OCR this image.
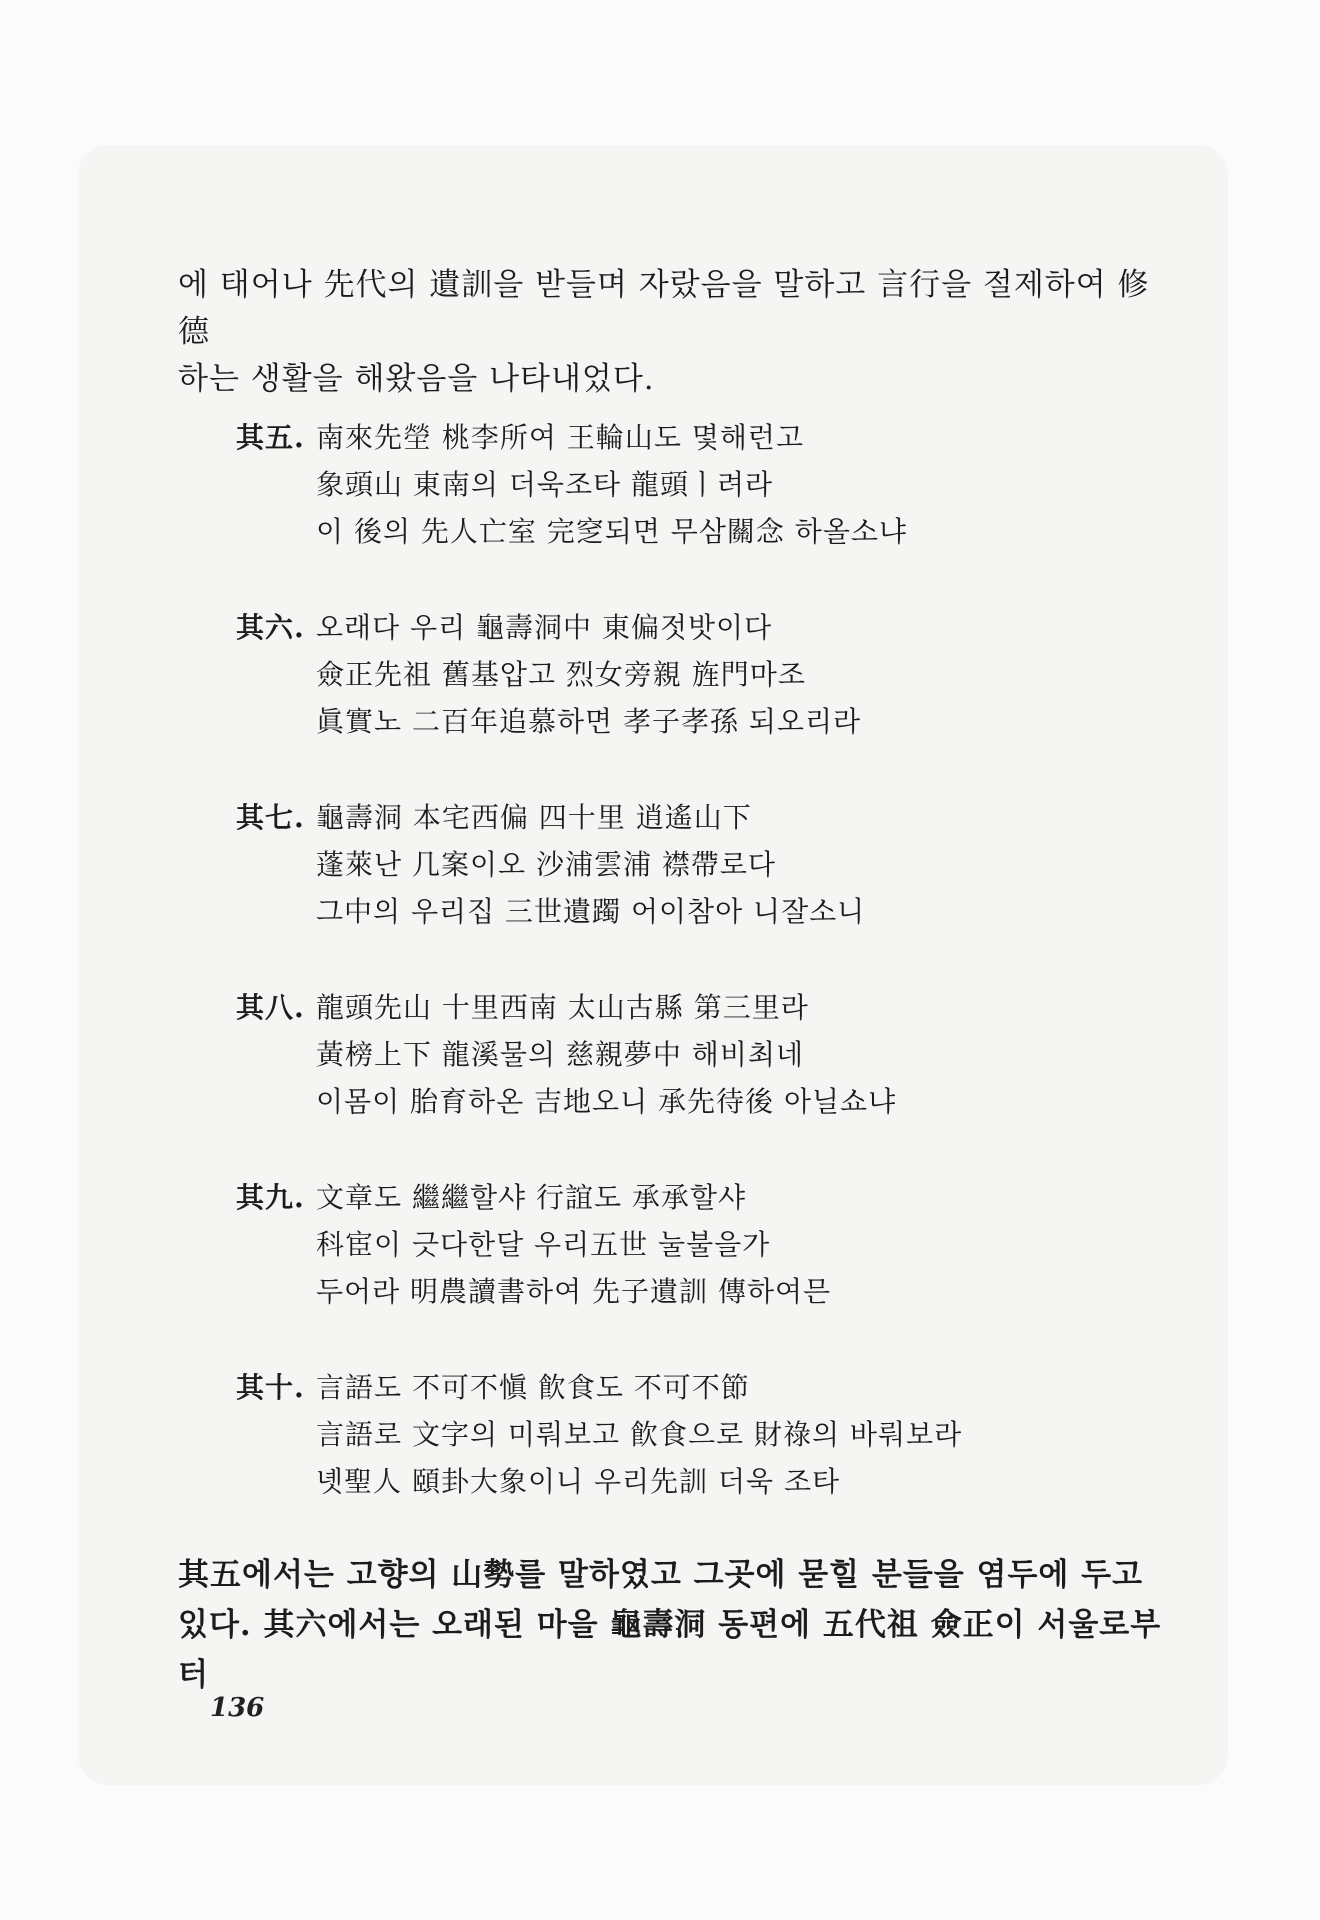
에 태어나 先代의 遺訓을 받들며 자랐음을 말하고 言行을 절제하여 修德

하는 생활을 해왔음을 나타내었다.

其五. 南來先塋 桃李所여 王輪山도 몇해런고
象頭山 東南의 더욱조타 龍頭ㅣ려라
이 後의 先人亡室 完窆되면 무삼關念 하올소냐
其六. 오래다 우리 龜壽洞中 東偏젓밧이다
僉正先祖 舊基압고 烈女旁親 旌門마조
眞實노 二百年追慕하면 孝子孝孫 되오리라
其七. 龜壽洞 本宅西偏 四十里 逍遙山下
蓬萊난 几案이오 沙浦雲浦 襟帶로다
그中의 우리집 三世遺躅 어이참아 니잘소니
其八. 龍頭先山 十里西南 太山古縣 第三里라
黃榜上下 龍溪물의 慈親夢中 해비최네
이몸이 胎育하온 吉地오니 承先待後 아닐쇼냐
其九. 文章도 繼繼할샤 行誼도 承承할샤
科宦이 긋다한달 우리五世 눌불을가
두어라 明農讀書하여 先子遺訓 傳하여믄
其十. 言語도 不可不愼 飮食도 不可不節
言語로 文字의 미뤄보고 飮食으로 財祿의 바뤄보라
녯聖人 頤卦大象이니 우리先訓 더욱 조타

其五에서는 고향의 山勢를 말하였고 그곳에 묻힐 분들을 염두에 두고

있다. 其六에서는 오래된 마을 龜壽洞 동편에 五代祖 僉正이 서울로부터

136
